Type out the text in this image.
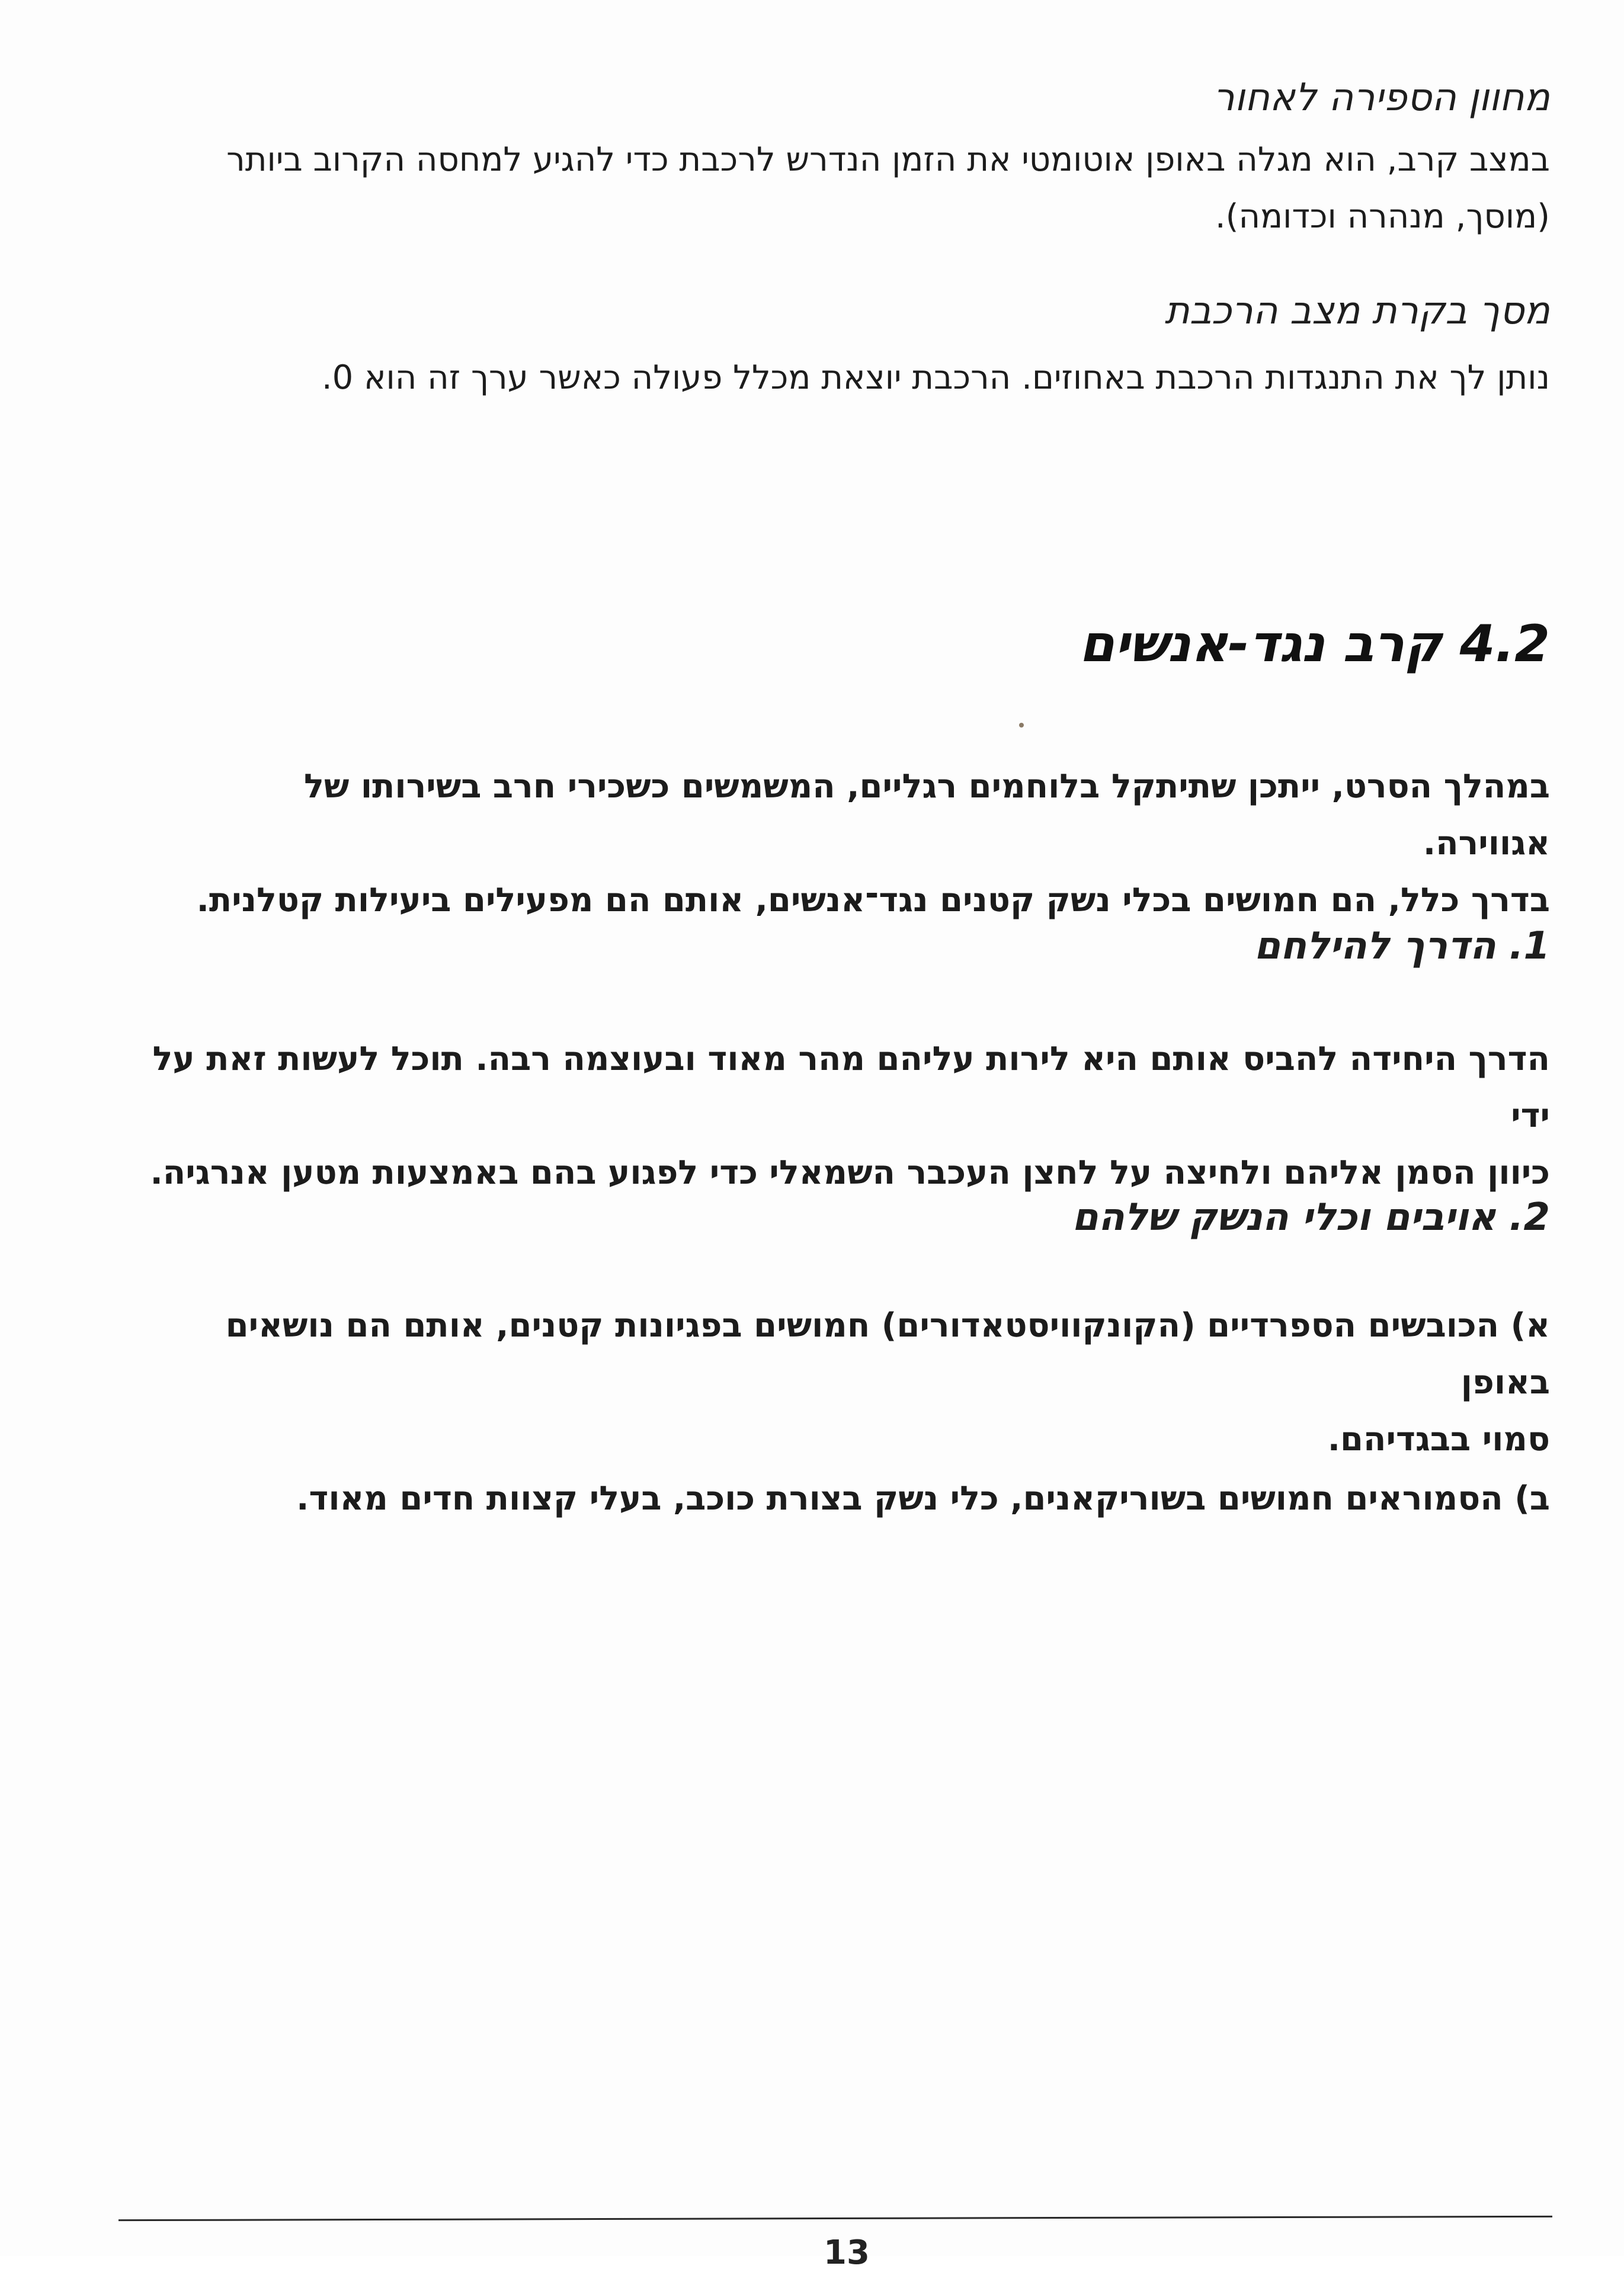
מחוון הספירה לאחור

במצב קרב, הוא מגלה באופן אוטומטי את הזמן הנדרש לרכבת כדי להגיע למחסה הקרוב ביותר

(מוסך, מנהרה וכדומה).

מסך בקרת מצב הרכבת

נותן לך את התנגדות הרכבת באחוזים. הרכבת יוצאת מכלל פעולה כאשר ערך זה הוא 0.

4.2 קרב נגד-אנשים

במהלך הסרט, ייתכן שתיתקל בלוחמים רגליים, המשמשים כשכירי חרב בשירותו של אגווירה.

בדרך כלל, הם חמושים בכלי נשק קטנים נגד־אנשים, אותם הם מפעילים ביעילות קטלנית.

1. הדרך להילחם

הדרך היחידה להביס אותם היא לירות עליהם מהר מאוד ובעוצמה רבה. תוכל לעשות זאת על ידי

כיוון הסמן אליהם ולחיצה על לחצן העכבר השמאלי כדי לפגוע בהם באמצעות מטען אנרגיה.

2. אויבים וכלי הנשק שלהם

א) הכובשים הספרדיים (הקונקוויסטאדורים) חמושים בפגיונות קטנים, אותם הם נושאים באופן

סמוי בבגדיהם.

ב) הסמוראים חמושים בשוריקאנים, כלי נשק בצורת כוכב, בעלי קצוות חדים מאוד.

13
